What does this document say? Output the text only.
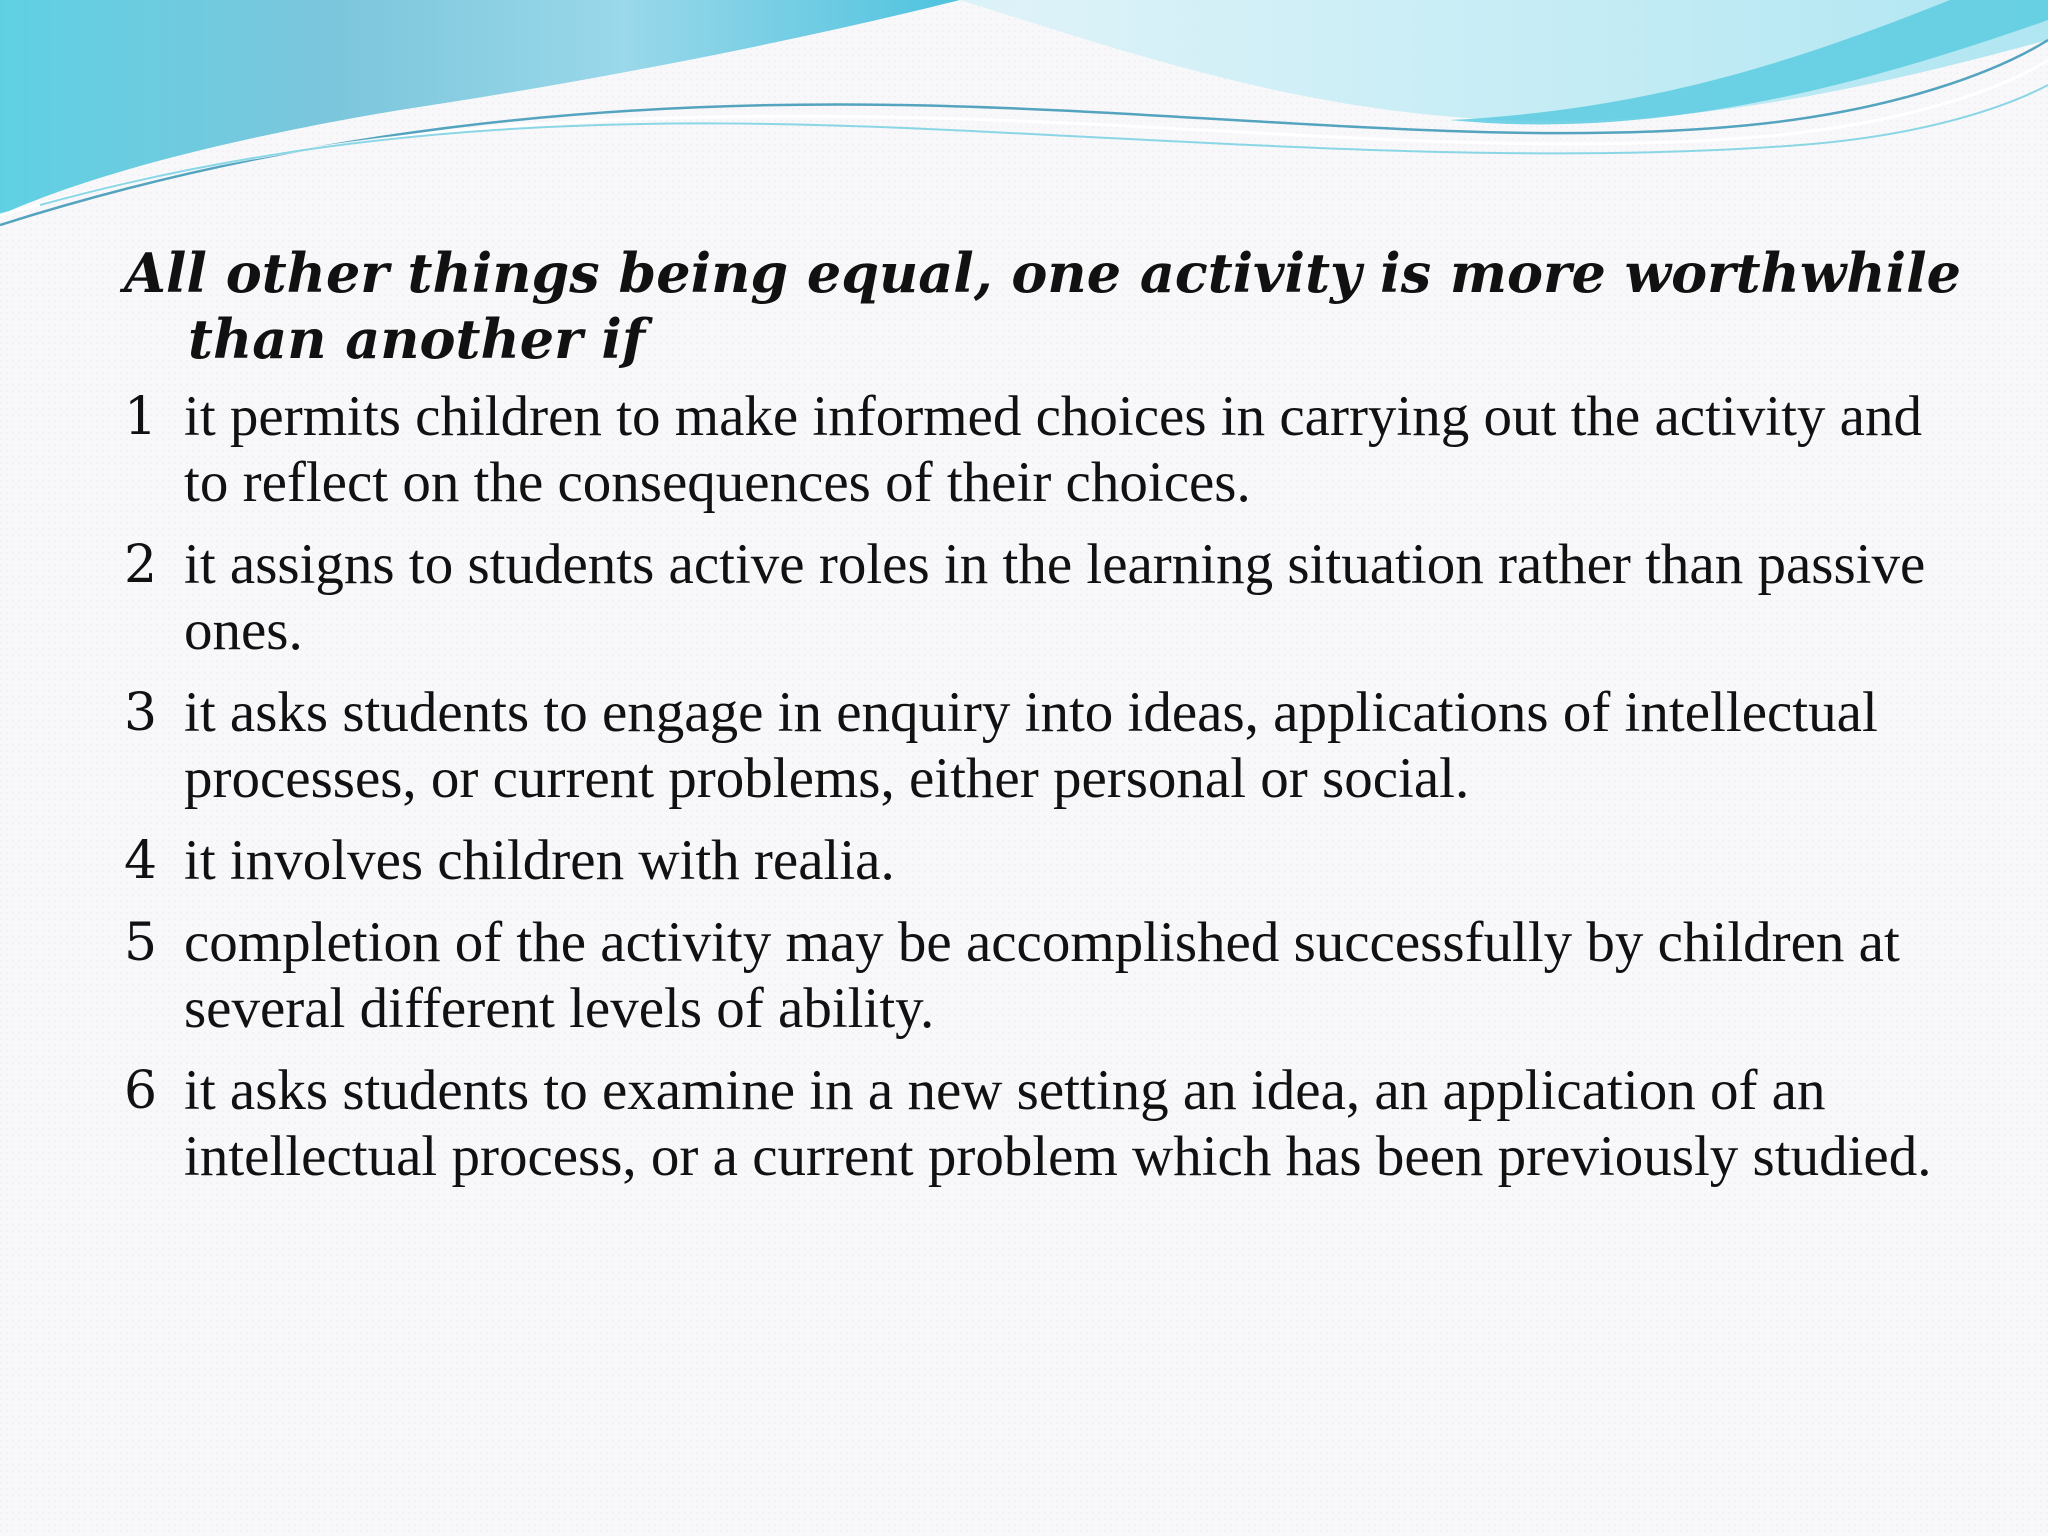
All other things being equal, one activity is more worthwhile than another if

1 it permits children to make informed choices in carrying out the activity and to reflect on the consequences of their choices.
2 it assigns to students active roles in the learning situation rather than passive ones.
3 it asks students to engage in enquiry into ideas, applications of intellectual processes, or current problems, either personal or social.
4 it involves children with realia.
5 completion of the activity may be accomplished successfully by children at several different levels of ability.
6 it asks students to examine in a new setting an idea, an application of an intellectual process, or a current problem which has been previously studied.
